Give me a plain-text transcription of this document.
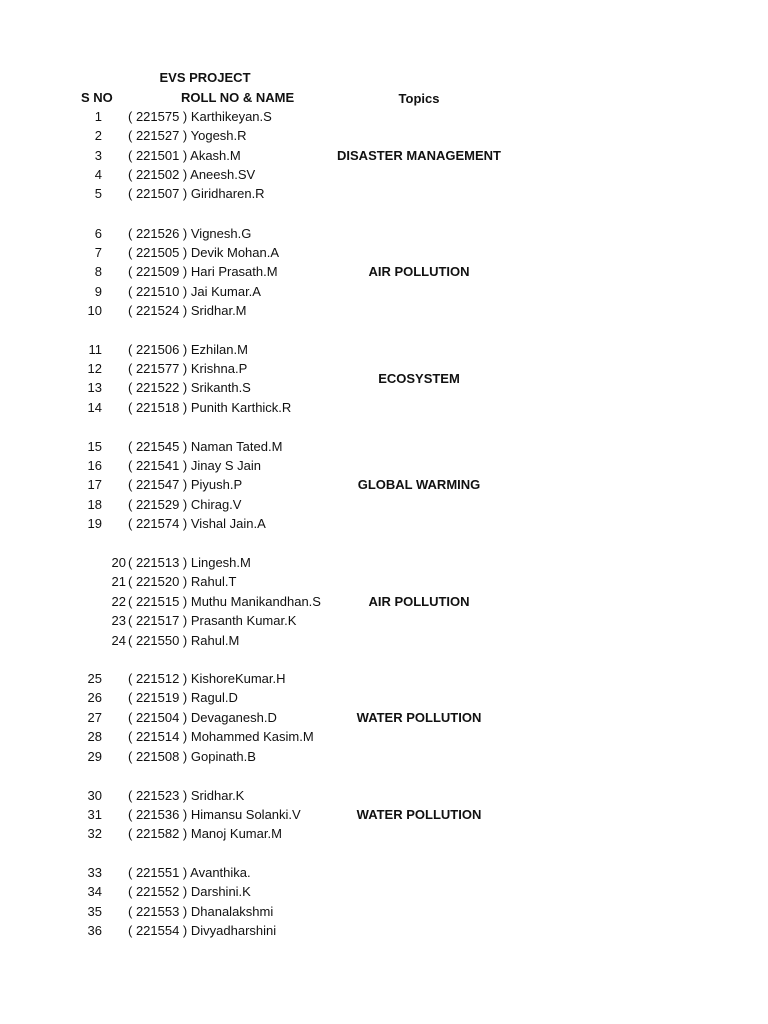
EVS PROJECT
S NO	ROLL NO & NAME	Topics
1 ( 221575 ) Karthikeyan.S
2 ( 221527 ) Yogesh.R
3 ( 221501 ) Akash.M
4 ( 221502 ) Aneesh.SV
5 ( 221507 ) Giridharen.R
6 ( 221526 ) Vignesh.G
7 ( 221505 ) Devik Mohan.A
8 ( 221509 ) Hari Prasath.M
9 ( 221510 ) Jai Kumar.A
10 ( 221524 ) Sridhar.M
11 ( 221506 ) Ezhilan.M
12 ( 221577 ) Krishna.P
13 ( 221522 ) Srikanth.S
14 ( 221518 ) Punith Karthick.R
15 ( 221545 ) Naman Tated.M
16 ( 221541 ) Jinay S Jain
17 ( 221547 ) Piyush.P
18 ( 221529 ) Chirag.V
19 ( 221574 ) Vishal Jain.A
20 ( 221513 ) Lingesh.M
21 ( 221520 ) Rahul.T
22 ( 221515 ) Muthu Manikandhan.S
23 ( 221517 ) Prasanth Kumar.K
24 ( 221550 ) Rahul.M
25 ( 221512 ) KishoreKumar.H
26 ( 221519 ) Ragul.D
27 ( 221504 ) Devaganesh.D
28 ( 221514 ) Mohammed Kasim.M
29 ( 221508 ) Gopinath.B
30 ( 221523 ) Sridhar.K
31 ( 221536 ) Himansu Solanki.V
32 ( 221582 ) Manoj Kumar.M
33 ( 221551 ) Avanthika.
34 ( 221552 ) Darshini.K
35 ( 221553 ) Dhanalakshmi
36 ( 221554 ) Divyadharshini
DISASTER MANAGEMENT
AIR POLLUTION
ECOSYSTEM
GLOBAL WARMING
AIR POLLUTION
WATER POLLUTION
WATER POLLUTION
